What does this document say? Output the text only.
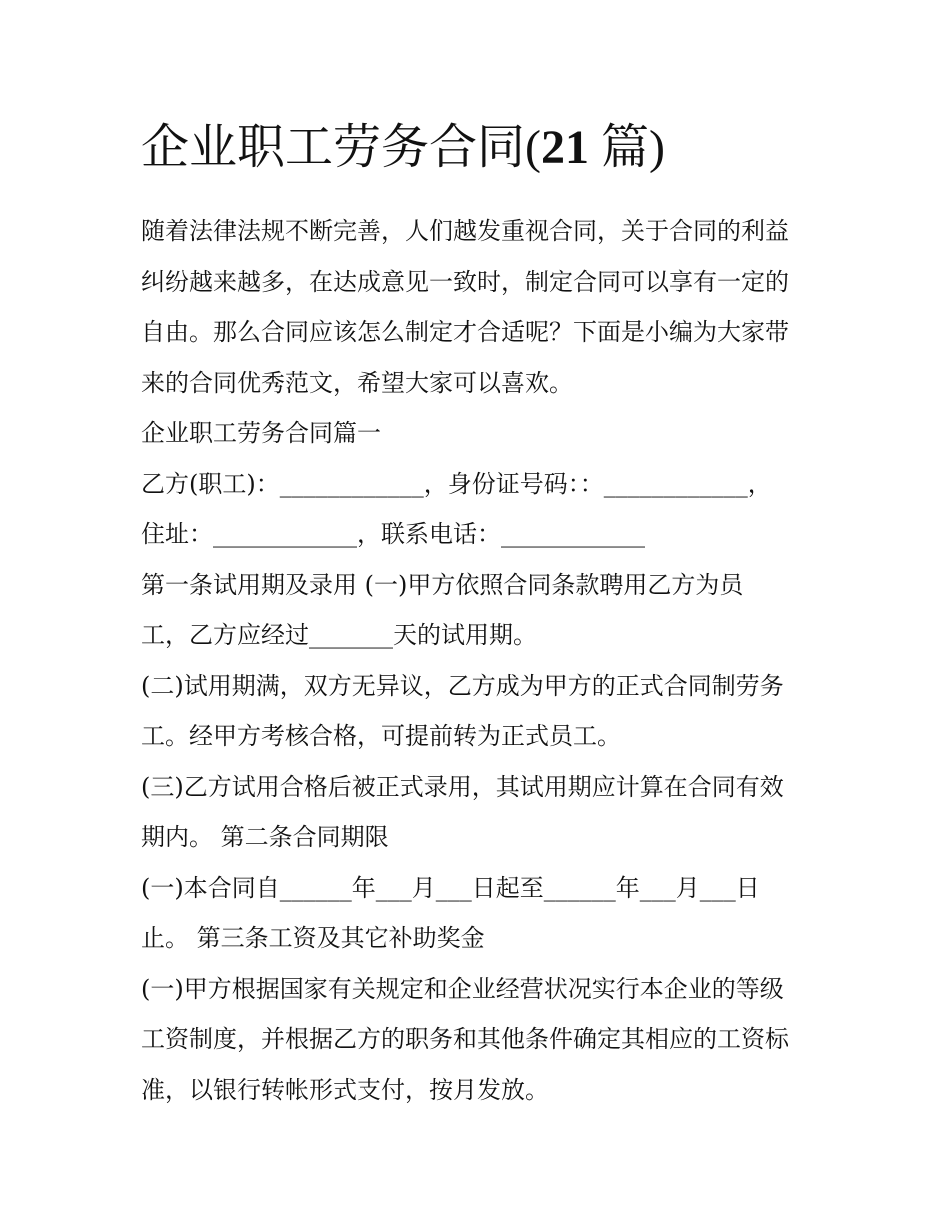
企业职工劳务合同(21 篇)

随着法律法规不断完善，人们越发重视合同，关于合同的利益

纠纷越来越多，在达成意见一致时，制定合同可以享有一定的

自由。那么合同应该怎么制定才合适呢？下面是小编为大家带

来的合同优秀范文，希望大家可以喜欢。

企业职工劳务合同篇一

乙方(职工)：____________，身份证号码：：____________，

住址：____________，联系电话：____________

第一条试用期及录用 (一)甲方依照合同条款聘用乙方为员

工，乙方应经过_______天的试用期。

(二)试用期满，双方无异议，乙方成为甲方的正式合同制劳务

工。经甲方考核合格，可提前转为正式员工。

(三)乙方试用合格后被正式录用，其试用期应计算在合同有效

期内。 第二条合同期限

(一)本合同自______年___月___日起至______年___月___日

止。 第三条工资及其它补助奖金

(一)甲方根据国家有关规定和企业经营状况实行本企业的等级

工资制度，并根据乙方的职务和其他条件确定其相应的工资标

准，以银行转帐形式支付，按月发放。
